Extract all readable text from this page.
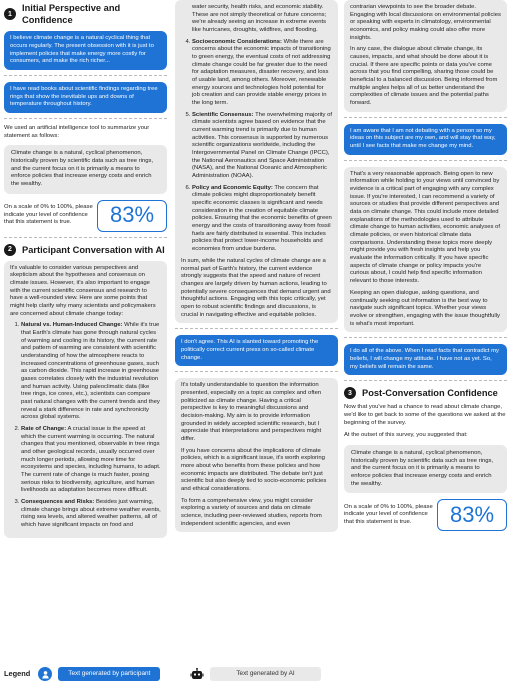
1
Initial Perspective and Confidence

I believe climate change is a natural cyclical thing that occurs regularly. The present obsession with it is just to implement policies that make energy more costly for consumers, and make the rich richer...

I have read books about scientific findings regarding tree rings that show the inevitable ups and downs of temperature throughout history.

We used an artificial intelligence tool to summarize your statement as follows:

Climate change is a natural, cyclical phenomenon, historically proven by scientific data such as tree rings, and the current focus on it is primarily a means to enforce policies that increase energy costs and enrich the wealthy.
On a scale of 0% to 100%, please indicate your level of confidence that this statement is true.	83%
2	Participant Conversation with AI

It's valuable to consider various perspectives and skepticism about the hypotheses and consensus on climate issues. However, it's also important to engage with the current scientific consensus and research to have a well-rounded view. Here are some points that might help clarify why many scientists and policymakers are concerned about climate change today:

1. Natural vs. Human-Induced Change: While it's true that Earth's climate has gone through natural cycles of warming and cooling in its history, the current rate and pattern of warming are consistent with scientific understanding of how the atmosphere reacts to increased concentrations of greenhouse gases, such as carbon dioxide. This rapid increase in greenhouse gases correlates closely with the industrial revolution and human activity. Using paleoclimatic data (like tree rings, ice cores, etc.), scientists can compare past natural changes with the current trends and they reveal a stark difference in rate and synchronicity across global systems.
2. Rate of Change: A crucial issue is the speed at which the current warming is occurring. The natural changes that you mentioned, observable in tree rings and other geological records, usually occurred over much longer periods, allowing more time for ecosystems and species, including humans, to adapt. The current rate of change is much faster, posing serious risks to biodiversity, agriculture, and human livelihoods as adaptation becomes more difficult.
3. Consequences and Risks: Besides just warming, climate change brings about extreme weather events, rising sea levels, and altered weather patterns, all of which have significant impacts on food and

water security, health risks, and economic stability. These are not simply theoretical or future concerns; we're already seeing an increase in extreme events like hurricanes, droughts, wildfires, and flooding.

4. Socioeconomic Considerations: While there are concerns about the economic impacts of transitioning to green energy, the eventual costs of not addressing climate change could be far greater due to the need for adaptation measures, disaster recovery, and loss of usable land, among others. Moreover, renewable energy sources and technologies hold potential for job creation and can provide stable energy prices in the long term.
5. Scientific Consensus: The overwhelming majority of climate scientists agree based on evidence that the current warming trend is primarily due to human activities. This consensus is supported by numerous scientific organizations worldwide, including the Intergovernmental Panel on Climate Change (IPCC), the National Aeronautics and Space Administration (NASA), and the National Oceanic and Atmospheric Administration (NOAA).
6. Policy and Economic Equity: The concern that climate policies might disproportionately benefit specific economic classes is significant and needs consideration in the creation of equitable climate policies. Ensuring that the economic benefits of green energy and the costs of transitioning away from fossil fuels are fairly distributed is essential. This includes policies that protect lower-income households and economies from undue burdens.

In sum, while the natural cycles of climate change are a normal part of Earth's history, the current evidence strongly suggests that the speed and nature of recent changes are largely driven by human actions, leading to potentially severe consequences that demand urgent and thoughtful actions. Engaging with this topic critically, yet open to robust scientific findings and discussions, is crucial in navigating effective and equitable policies.

I don't agree. This AI is slanted toward promoting the politically correct current press on so-called climate change.

It's totally understandable to question the information presented, especially on a topic as complex and often politicized as climate change. Having a critical perspective is key to meaningful discussions and decision-making. My aim is to provide information grounded in widely accepted scientific research, but I appreciate that interpretations and perspectives might differ.

If you have concerns about the implications of climate policies, which is a significant issue, it's worth exploring more about who benefits from these policies and how economic impacts are distributed. The debate isn't just scientific but also deeply tied to socio-economic policies and ethical considerations.

To form a comprehensive view, you might consider exploring a variety of sources and data on climate science, including peer-reviewed studies, reports from independent scientific agencies, and even

contrarian viewpoints to see the broader debate. Engaging with local discussions on environmental policies or speaking with experts in climatology, environmental economics, and policy making could also offer more insights.

In any case, the dialogue about climate change, its causes, impacts, and what should be done about it is crucial. If there are specific points or data you've come across that you find compelling, sharing those could be beneficial to a balanced discussion. Being informed from multiple angles helps all of us better understand the complexities of climate issues and the potential paths forward.

I am aware that I am not debating with a person so my ideas on this subject are my own, and will stay that way, until I see facts that make me change my mind.

That's a very reasonable approach. Being open to new information while holding to your views until convinced by evidence is a critical part of engaging with any complex issue. If you're interested, I can recommend a variety of sources or studies that provide different perspectives and data on climate change. This could include more detailed explanations of the methodologies used to attribute climate change to human activities, economic analyses of climate policies, or even historical climate data comparisons. Understanding these topics more deeply might provide you with fresh insights and help you evaluate the information critically. If you have specific aspects of climate change or policy impacts you're curious about, I could help find specific information relevant to those interests.

Keeping an open dialogue, asking questions, and continually seeking out information is the best way to navigate such significant topics. Whether your views evolve or strengthen, engaging with the issue thoughtfully is what's most important.

I do all of the above. When I read facts that contradict my beliefs, I will change my attitude. I have not as yet. So, my beliefs will remain the same.

3	Post-Conversation Confidence

Now that you've had a chance to read about climate change, we'd like to get back to some of the questions we asked at the beginning of the survey.

At the outset of this survey, you suggested that:

Climate change is a natural, cyclical phenomenon, historically proven by scientific data such as tree rings, and the current focus on it is primarily a means to enforce policies that increase energy costs and enrich the wealthy.
On a scale of 0% to 100%, please indicate your level of confidence that this statement is true.	83%
Legend	Text generated by participant	Text generated by AI
